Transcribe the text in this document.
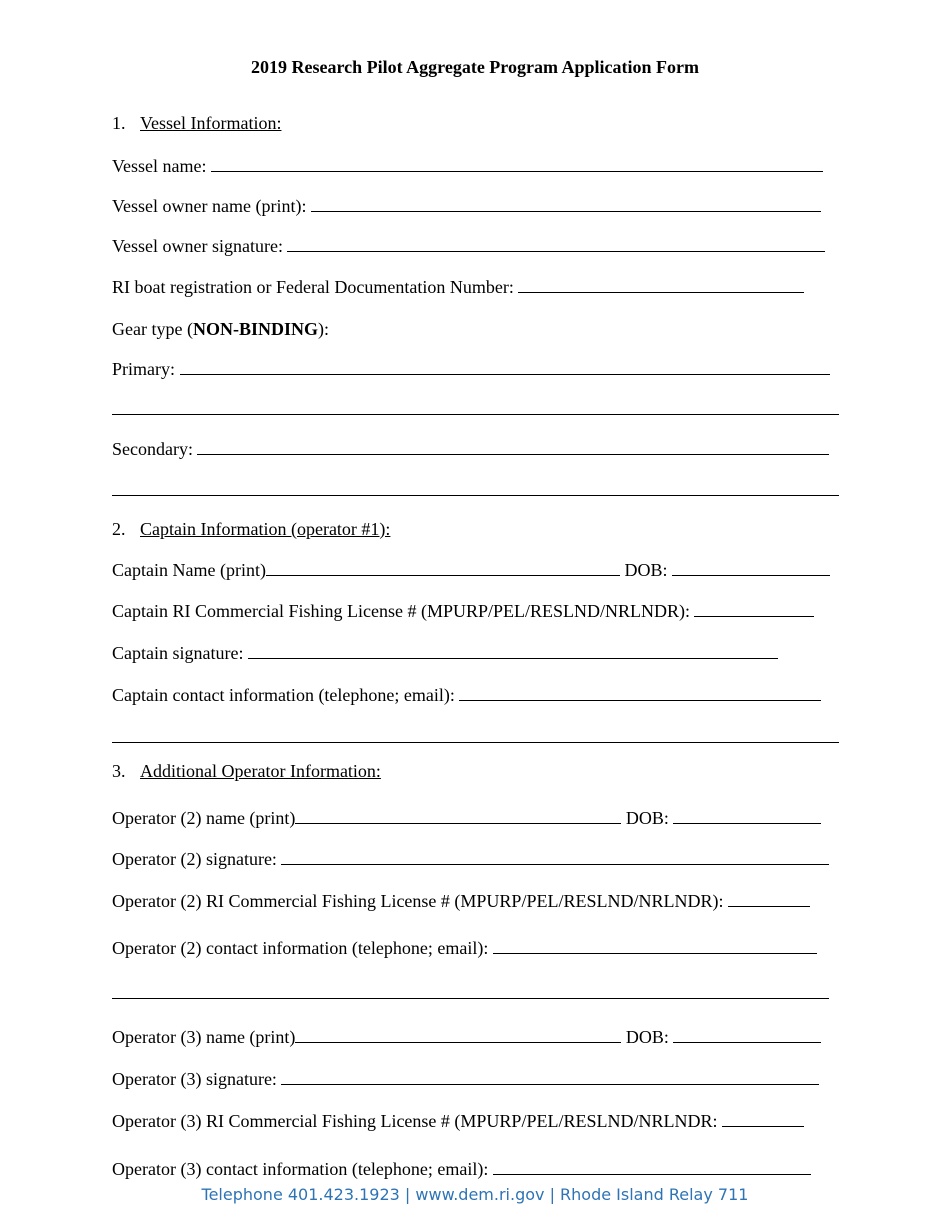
2019 Research Pilot Aggregate Program Application Form
1. Vessel Information:
Vessel name:
Vessel owner name (print):
Vessel owner signature:
RI boat registration or Federal Documentation Number:
Gear type (NON-BINDING):
Primary:
Secondary:
2. Captain Information (operator #1):
Captain Name (print)	DOB:
Captain RI Commercial Fishing License # (MPURP/PEL/RESLND/NRLNDR):
Captain signature:
Captain contact information (telephone; email):
3. Additional Operator Information:
Operator (2) name (print)	DOB:
Operator (2) signature:
Operator (2) RI Commercial Fishing License # (MPURP/PEL/RESLND/NRLNDR):
Operator (2) contact information (telephone; email):
Operator (3) name (print)	DOB:
Operator (3) signature:
Operator (3) RI Commercial Fishing License # (MPURP/PEL/RESLND/NRLNDR:
Operator (3) contact information (telephone; email):
Telephone 401.423.1923 | www.dem.ri.gov | Rhode Island Relay 711
